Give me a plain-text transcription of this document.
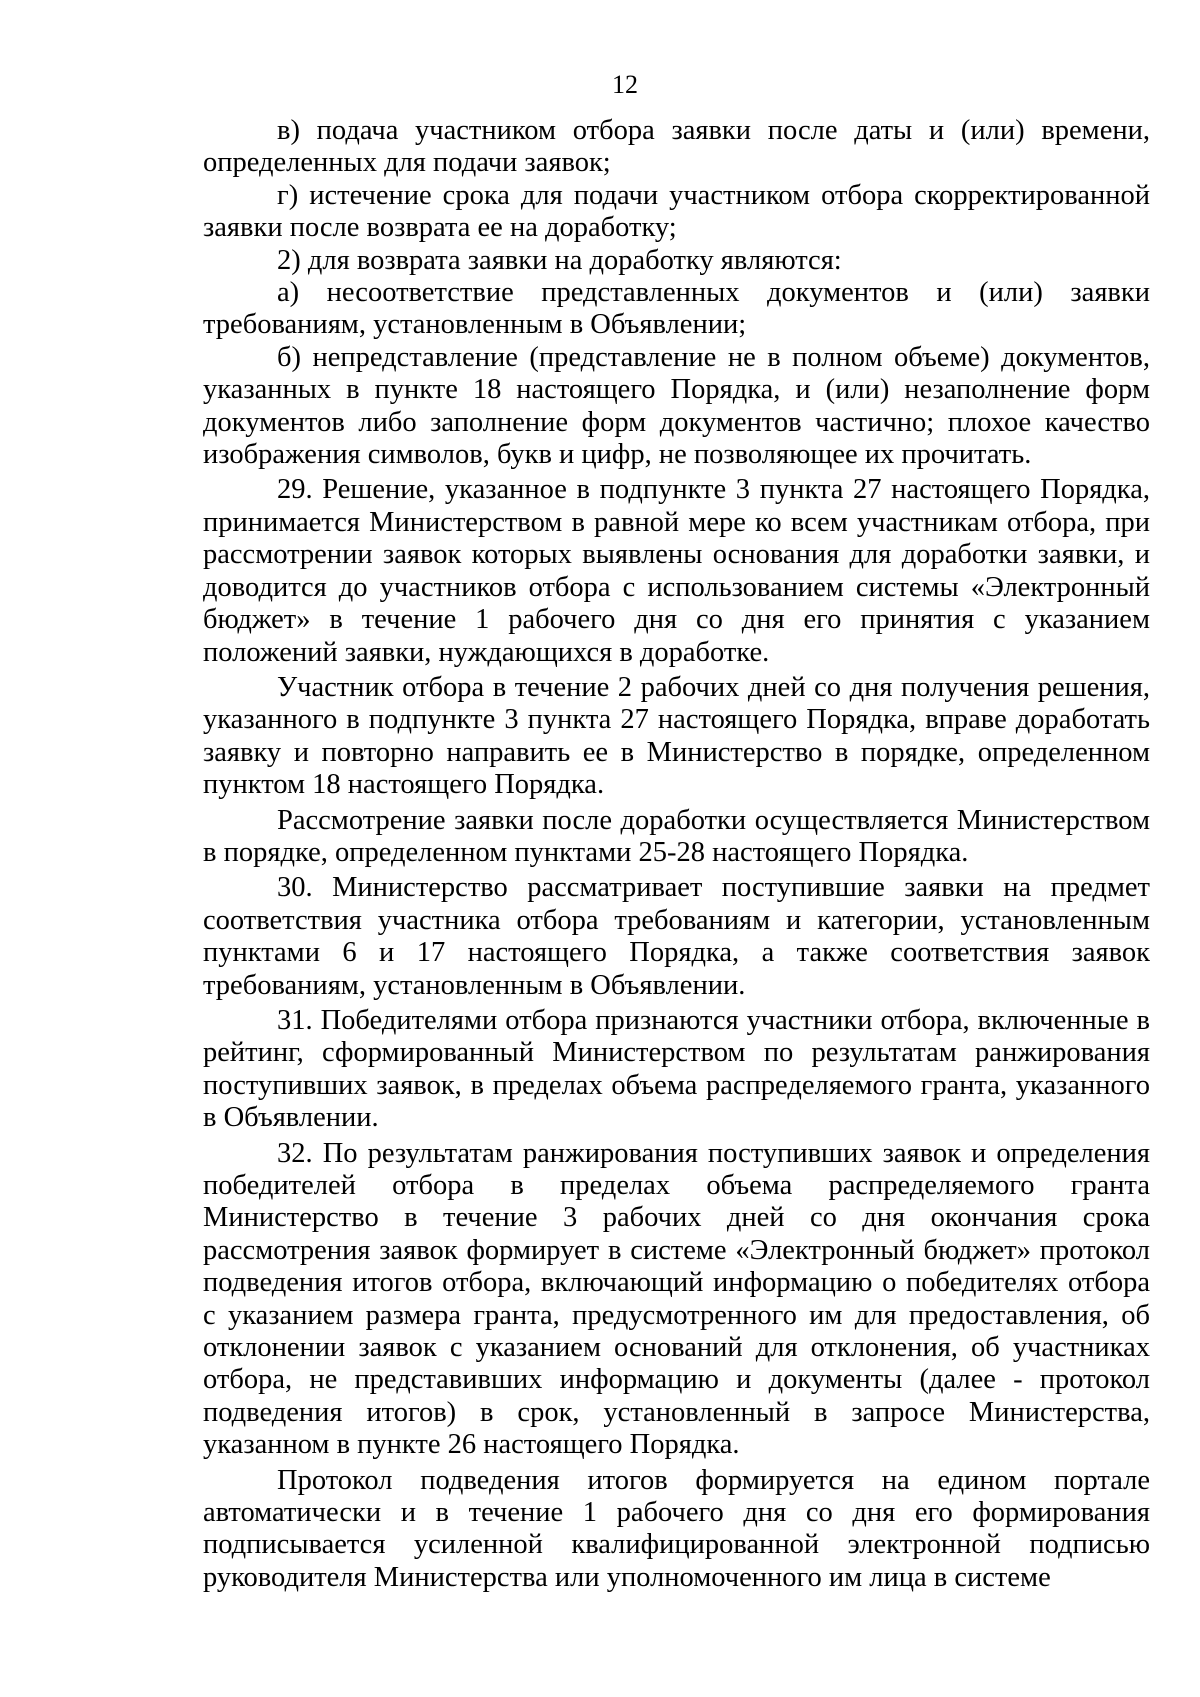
12

в) подача участником отбора заявки после даты и (или) времени, определенных для подачи заявок;

г) истечение срока для подачи участником отбора скорректированной заявки после возврата ее на доработку;

2) для возврата заявки на доработку являются:

а) несоответствие представленных документов и (или) заявки требованиям, установленным в Объявлении;

б) непредставление (представление не в полном объеме) документов, указанных в пункте 18 настоящего Порядка, и (или) незаполнение форм документов либо заполнение форм документов частично; плохое качество изображения символов, букв и цифр, не позволяющее их прочитать.

29. Решение, указанное в подпункте 3 пункта 27 настоящего Порядка, принимается Министерством в равной мере ко всем участникам отбора, при рассмотрении заявок которых выявлены основания для доработки заявки, и доводится до участников отбора с использованием системы «Электронный бюджет» в течение 1 рабочего дня со дня его принятия с указанием положений заявки, нуждающихся в доработке.

Участник отбора в течение 2 рабочих дней со дня получения решения, указанного в подпункте 3 пункта 27 настоящего Порядка, вправе доработать заявку и повторно направить ее в Министерство в порядке, определенном пунктом 18 настоящего Порядка.

Рассмотрение заявки после доработки осуществляется Министерством в порядке, определенном пунктами 25-28 настоящего Порядка.

30. Министерство рассматривает поступившие заявки на предмет соответствия участника отбора требованиям и категории, установленным пунктами 6 и 17 настоящего Порядка, а также соответствия заявок требованиям, установленным в Объявлении.

31. Победителями отбора признаются участники отбора, включенные в рейтинг, сформированный Министерством по результатам ранжирования поступивших заявок, в пределах объема распределяемого гранта, указанного в Объявлении.

32. По результатам ранжирования поступивших заявок и определения победителей отбора в пределах объема распределяемого гранта Министерство в течение 3 рабочих дней со дня окончания срока рассмотрения заявок формирует в системе «Электронный бюджет» протокол подведения итогов отбора, включающий информацию о победителях отбора с указанием размера гранта, предусмотренного им для предоставления, об отклонении заявок с указанием оснований для отклонения, об участниках отбора, не представивших информацию и документы (далее - протокол подведения итогов) в срок, установленный в запросе Министерства, указанном в пункте 26 настоящего Порядка.

Протокол подведения итогов формируется на едином портале автоматически и в течение 1 рабочего дня со дня его формирования подписывается усиленной квалифицированной электронной подписью руководителя Министерства или уполномоченного им лица в системе
